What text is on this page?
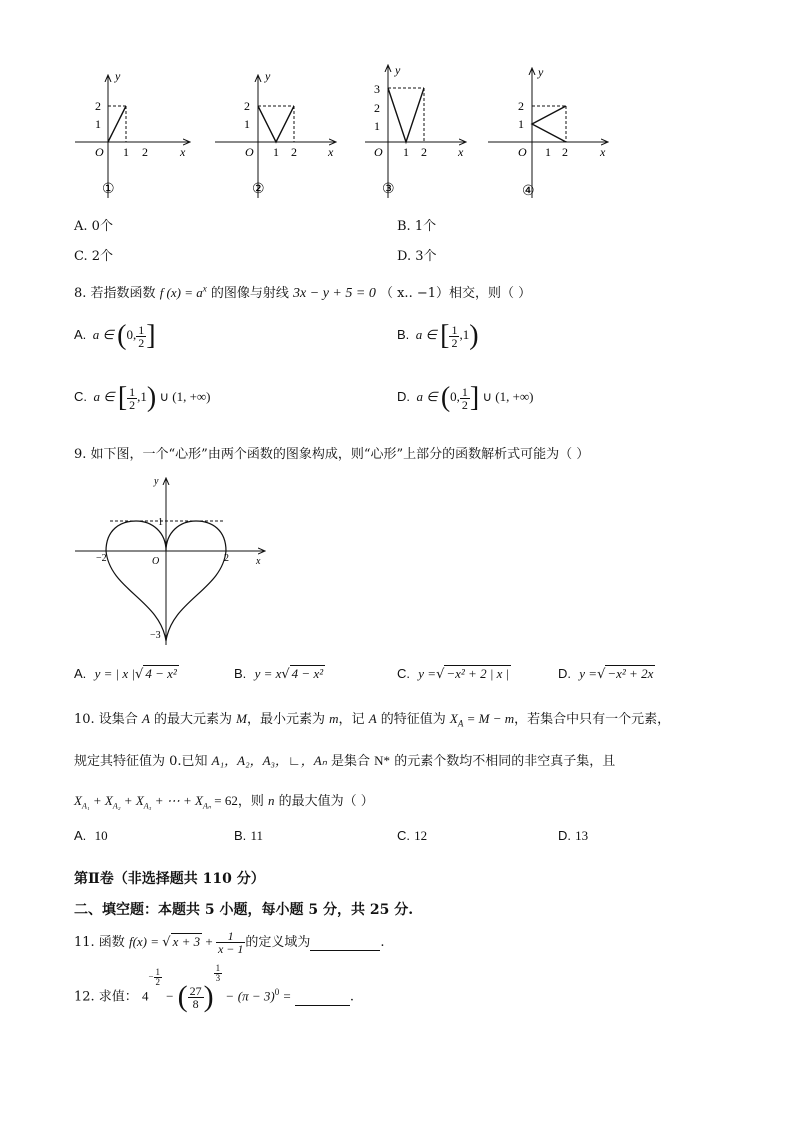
y
x
O
1
2
1 2
①
y
x
O
1
2
1 2
②
y
x
O
1
2
3
1 2
③
y
x
O
1
2
1 2
④
A. 0个	B. 1个
C. 2个	D. 3个
8. 若指数函数 f $(x) = a^x$ 的图像与射线 3x − y + 5 = 0 （ x.. −1）相交，则（ ）
A. a ∈ (0, $\frac{1}{2}$ ]	B. a ∈ [ $\frac{1}{2} ,1$)
C. a ∈ [ $\frac{1}{2} ,1$) ∪ (1, +∞)	D. a ∈ (0, $\frac{1}{2}$ ] ∪ (1, +∞)
9. 如下图，一个“心形”由两个函数的图象构成，则“心形”上部分的函数解析式可能为（ ）
y
x
O
1
−2	2
−3
A. y = | x |√ 4 − x²	B. y = x√ 4 − x²	C. y =√ −x² + 2 | x |	D. y =√ −x² + 2x
10. 设集合 A 的最大元素为 M，最小元素为 m，记 A 的特征值为 $X_A = M - m$，若集合中只有一个元素，
规定其特征值为 0.已知 A₁，A₂，A₃，∟，Aₙ 是集合 N* 的元素个数均不相同的非空真子集，且
$X_{A_1} + X_{A_2} + X_{A_3}$ + ⋯ + $X_{A_n} = 62$，则 n 的最大值为（ ）
A. 10	B. 11	C. 12	D. 13
第Ⅱ卷（非选择题共 110 分）
二、填空题：本题共 5 小题，每小题 5 分，共 25 分.
11. 函数 f(x) = √ $x + 3 + \frac{1}{x - 1}$ 的定义域为	.
12. 求值： $4- \frac{1}{2}$
− ( $\frac{27}{8}$ )
$\frac{1}{3}$
− $(\pi - 3)^0$ =	.
